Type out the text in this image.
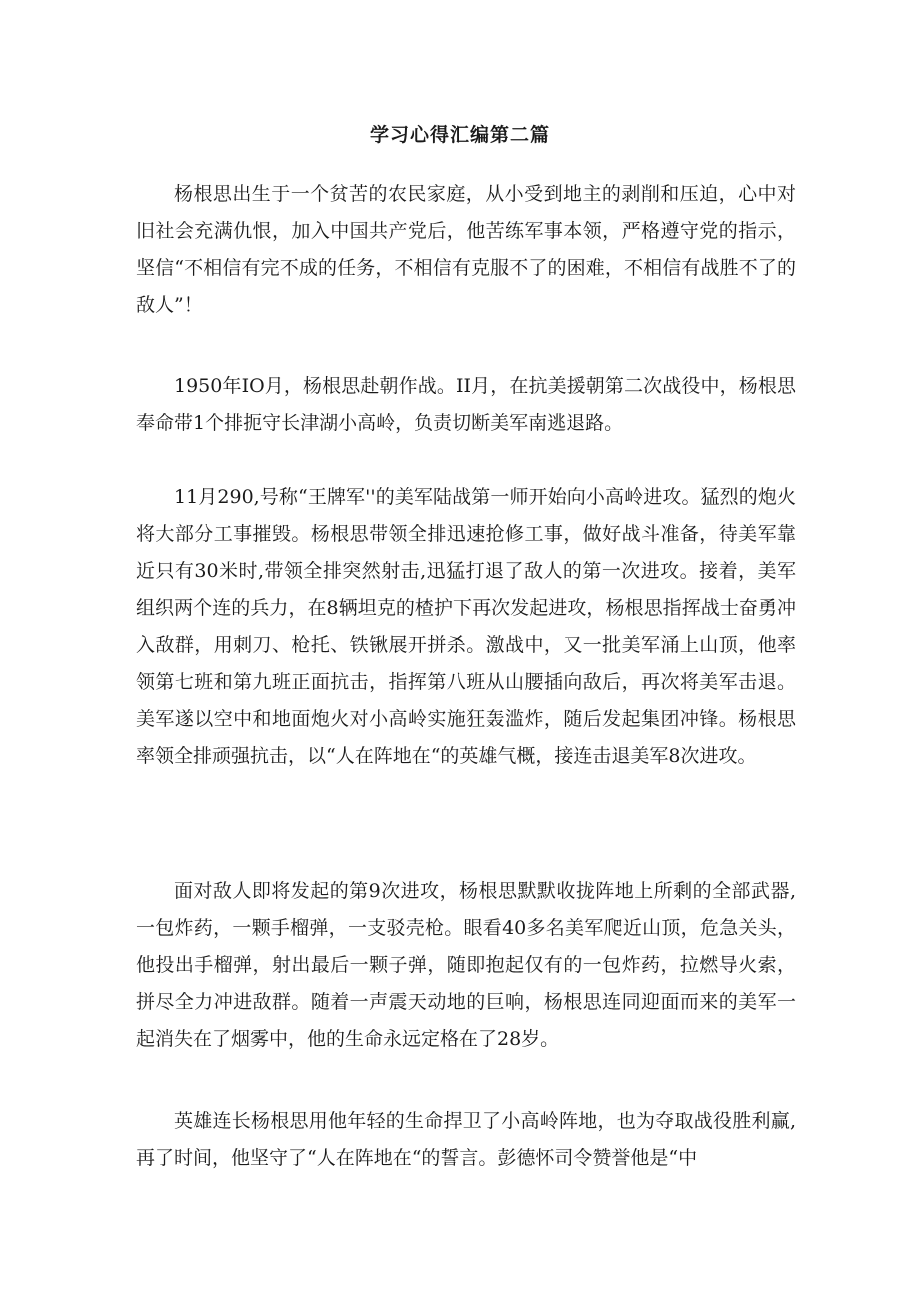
学习心得汇编第二篇

杨根思出生于一个贫苦的农民家庭，从小受到地主的剥削和压迫，心中对旧社会充满仇恨，加入中国共产党后，他苦练军事本领，严格遵守党的指示，坚信“不相信有完不成的任务，不相信有克服不了的困难，不相信有战胜不了的敌人”！

1950年IO月，杨根思赴朝作战。II月，在抗美援朝第二次战役中，杨根思奉命带1个排扼守长津湖小高岭，负责切断美军南逃退路。

11月290,号称“王牌军''的美军陆战第一师开始向小高岭进攻。猛烈的炮火将大部分工事摧毁。杨根思带领全排迅速抢修工事，做好战斗准备，待美军靠近只有30米时,带领全排突然射击,迅猛打退了敌人的第一次进攻。接着，美军组织两个连的兵力，在8辆坦克的楂护下再次发起进攻，杨根思指挥战士奋勇冲入敌群，用刺刀、枪托、铁锹展开拼杀。激战中，又一批美军涌上山顶，他率领第七班和第九班正面抗击，指挥第八班从山腰插向敌后，再次将美军击退。美军遂以空中和地面炮火对小高岭实施狂轰滥炸，随后发起集团冲锋。杨根思率领全排顽强抗击，以“人在阵地在“的英雄气概，接连击退美军8次进攻。

面对敌人即将发起的第9次进攻，杨根思默默收拢阵地上所剩的全部武器,一包炸药，一颗手榴弹，一支驳壳枪。眼看40多名美军爬近山顶，危急关头，他投出手榴弹，射出最后一颗子弹，随即抱起仅有的一包炸药，拉燃导火索，拼尽全力冲进敌群。随着一声震天动地的巨响，杨根思连同迎面而来的美军一起消失在了烟雾中，他的生命永远定格在了28岁。

英雄连长杨根思用他年轻的生命捍卫了小高岭阵地，也为夺取战役胜利赢,再了时间，他坚守了“人在阵地在“的誓言。彭德怀司令赞誉他是“中
